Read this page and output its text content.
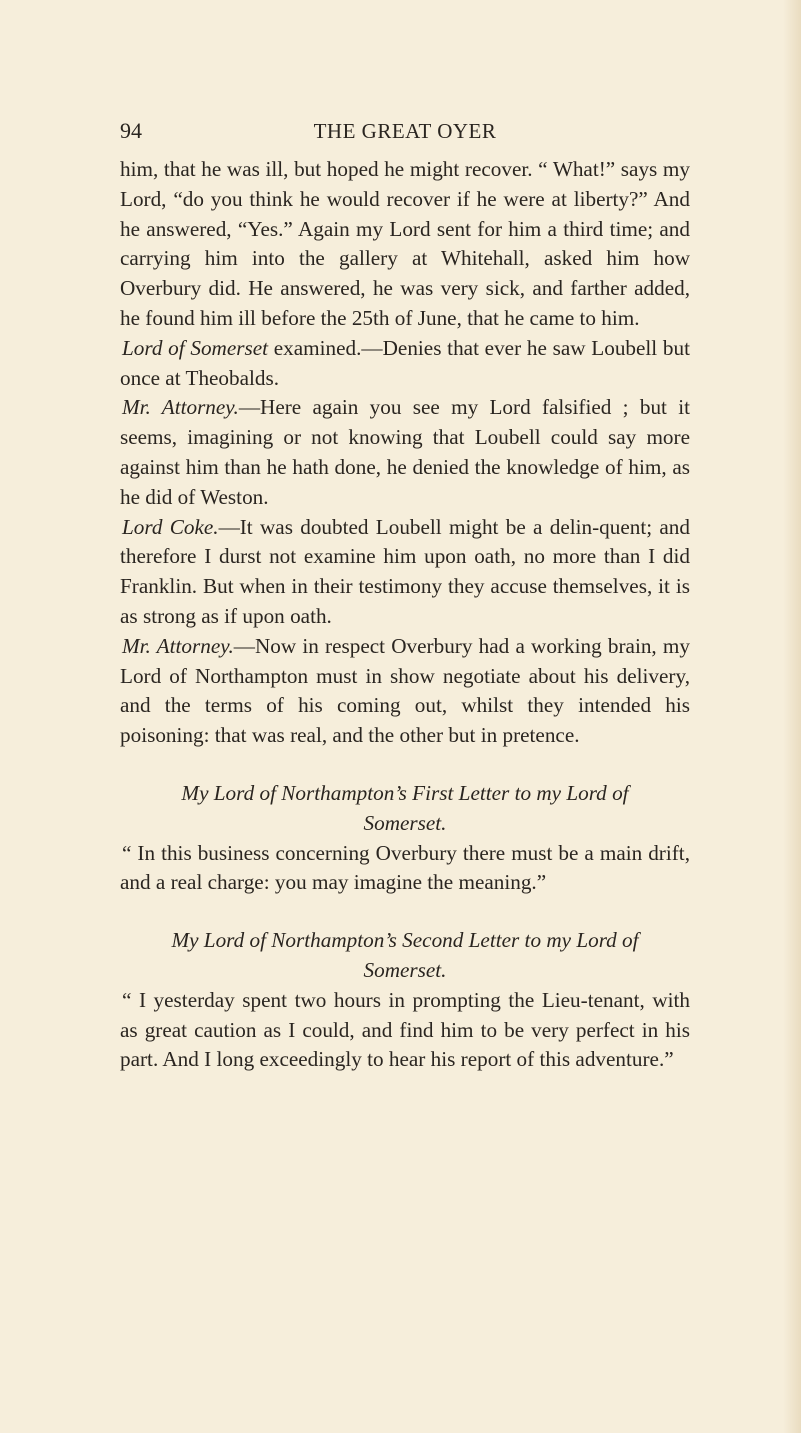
94	THE GREAT OYER

him, that he was ill, but hoped he might recover. “ What!” says my Lord, “do you think he would recover if he were at liberty?” And he answered, “Yes.” Again my Lord sent for him a third time; and carrying him into the gallery at Whitehall, asked him how Overbury did. He answered, he was very sick, and farther added, he found him ill before the 25th of June, that he came to him.

Lord of Somerset examined.—Denies that ever he saw Loubell but once at Theobalds.

Mr. Attorney.—Here again you see my Lord falsified ; but it seems, imagining or not knowing that Loubell could say more against him than he hath done, he denied the knowledge of him, as he did of Weston.

Lord Coke.—It was doubted Loubell might be a delin-quent; and therefore I durst not examine him upon oath, no more than I did Franklin. But when in their testimony they accuse themselves, it is as strong as if upon oath.

Mr. Attorney.—Now in respect Overbury had a working brain, my Lord of Northampton must in show negotiate about his delivery, and the terms of his coming out, whilst they intended his poisoning: that was real, and the other but in pretence.

My Lord of Northampton’s First Letter to my Lord of Somerset.

“ In this business concerning Overbury there must be a main drift, and a real charge: you may imagine the meaning.”

My Lord of Northampton’s Second Letter to my Lord of Somerset.

“ I yesterday spent two hours in prompting the Lieu-tenant, with as great caution as I could, and find him to be very perfect in his part. And I long exceedingly to hear his report of this adventure.”
